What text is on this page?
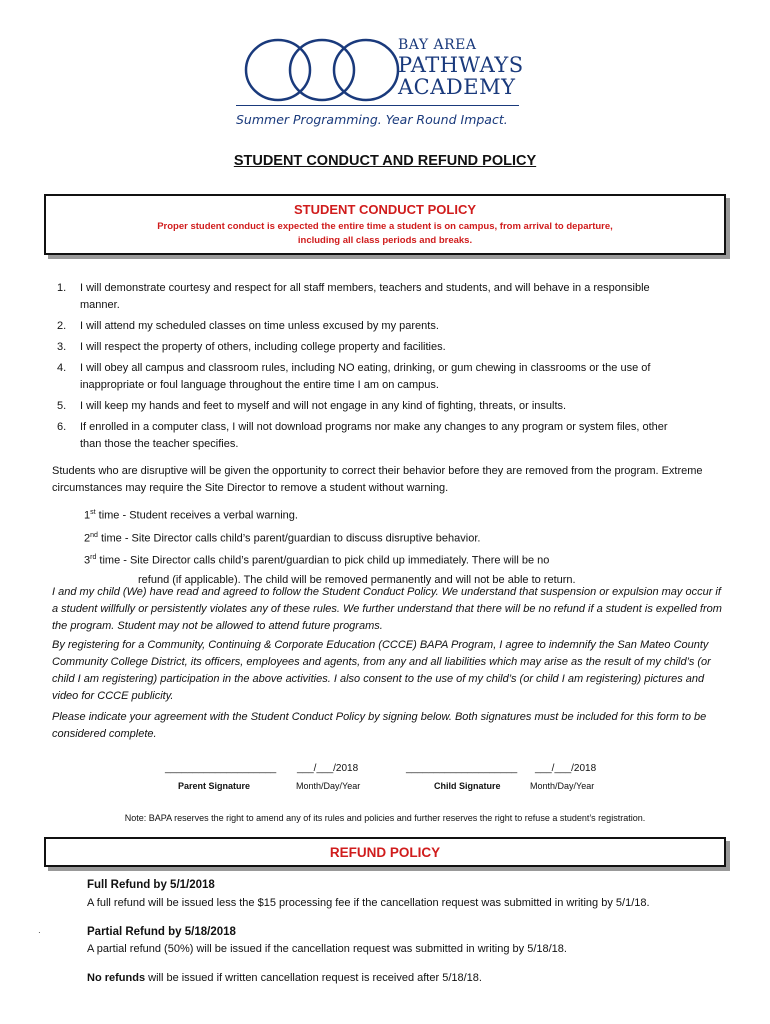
BAY AREA
PATHWAYS
ACADEMY
Summer Programming. Year Round Impact.
STUDENT CONDUCT AND REFUND POLICY
STUDENT CONDUCT POLICY
Proper student conduct is expected the entire time a student is on campus, from arrival to departure,
including all class periods and breaks.
1. I will demonstrate courtesy and respect for all staff members, teachers and students, and will behave in a responsible manner.
2. I will attend my scheduled classes on time unless excused by my parents.
3. I will respect the property of others, including college property and facilities.
4. I will obey all campus and classroom rules, including NO eating, drinking, or gum chewing in classrooms or the use of inappropriate or foul language throughout the entire time I am on campus.
5. I will keep my hands and feet to myself and will not engage in any kind of fighting, threats, or insults.
6. If enrolled in a computer class, I will not download programs nor make any changes to any program or system files, other than those the teacher specifies.
Students who are disruptive will be given the opportunity to correct their behavior before they are removed from the program. Extreme circumstances may require the Site Director to remove a student without warning.
1st time - Student receives a verbal warning.
2nd time - Site Director calls child’s parent/guardian to discuss disruptive behavior.
3rd time - Site Director calls child’s parent/guardian to pick child up immediately. There will be no
refund (if applicable). The child will be removed permanently and will not be able to return.
I and my child (We) have read and agreed to follow the Student Conduct Policy. We understand that suspension or expulsion may occur if a student willfully or persistently violates any of these rules. We further understand that there will be no refund if a student is expelled from the program. Student may not be allowed to attend future programs.
By registering for a Community, Continuing & Corporate Education (CCCE) BAPA Program, I agree to indemnify the San Mateo County Community College District, its officers, employees and agents, from any and all liabilities which may arise as the result of my child’s (or child I am registering) participation in the above activities. I also consent to the use of my child’s (or child I am registering) pictures and video for CCCE publicity.
Please indicate your agreement with the Student Conduct Policy by signing below. Both signatures must be included for this form to be considered complete.
____________________ ___/___/2018	____________________ ___/___/2018
Parent Signature	Month/Day/Year	Child Signature	Month/Day/Year
Note: BAPA reserves the right to amend any of its rules and policies and further reserves the right to refuse a student’s registration.
REFUND POLICY
Full Refund by 5/1/2018
A full refund will be issued less the $15 processing fee if the cancellation request was submitted in writing by 5/1/18.
·	Partial Refund by 5/18/2018
A partial refund (50%) will be issued if the cancellation request was submitted in writing by 5/18/18.
No refunds will be issued if written cancellation request is received after 5/18/18.
